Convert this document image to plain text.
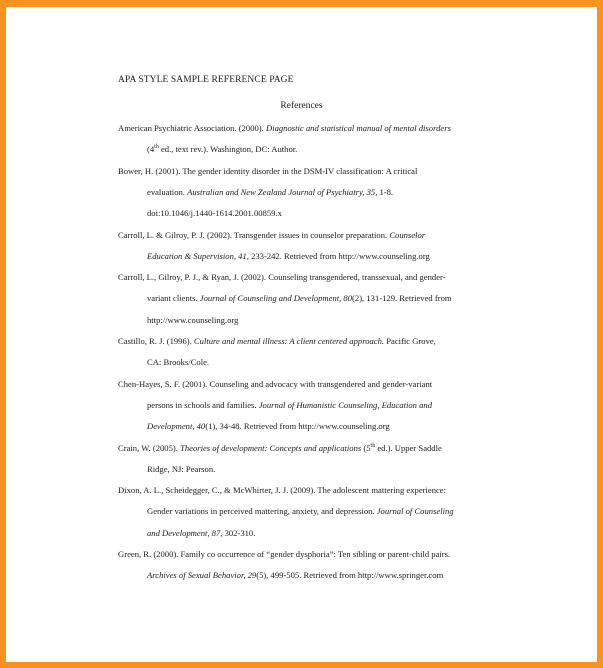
APA STYLE SAMPLE REFERENCE PAGE
References
American Psychiatric Association. (2000). Diagnostic and statistical manual of mental disorders
(4th ed., text rev.). Washington, DC: Author.
Bower, H. (2001). The gender identity disorder in the DSM-IV classification: A critical
evaluation. Australian and New Zealand Journal of Psychiatry, 35, 1-8.
doi:10.1046/j.1440-1614.2001.00859.x
Carroll, L. & Gilroy, P. J. (2002). Transgender issues in counselor preparation. Counselor
Education & Supervision, 41, 233-242. Retrieved from http://www.counseling.org
Carroll, L., Gilroy, P. J., & Ryan, J. (2002). Counseling transgendered, transsexual, and gender-
variant clients. Journal of Counseling and Development, 80(2), 131-129. Retrieved from
http://www.counseling.org
Castillo, R. J. (1996). Culture and mental illness: A client centered approach. Pacific Grove,
CA: Brooks/Cole.
Chen-Hayes, S. F. (2001). Counseling and advocacy with transgendered and gender-variant
persons in schools and families. Journal of Humanistic Counseling, Education and
Development, 40(1), 34-48. Retrieved from http://www.counseling.org
Crain, W. (2005). Theories of development: Concepts and applications (5th ed.). Upper Saddle
Ridge, NJ: Pearson.
Dixon, A. L., Scheidegger, C., & McWhirter, J. J. (2009). The adolescent mattering experience:
Gender variations in perceived mattering, anxiety, and depression. Journal of Counseling
and Development, 87, 302-310.
Green, R. (2000). Family co occurrence of “gender dysphoria”: Ten sibling or parent-child pairs.
Archives of Sexual Behavior, 29(5), 499-505. Retrieved from http://www.springer.com
